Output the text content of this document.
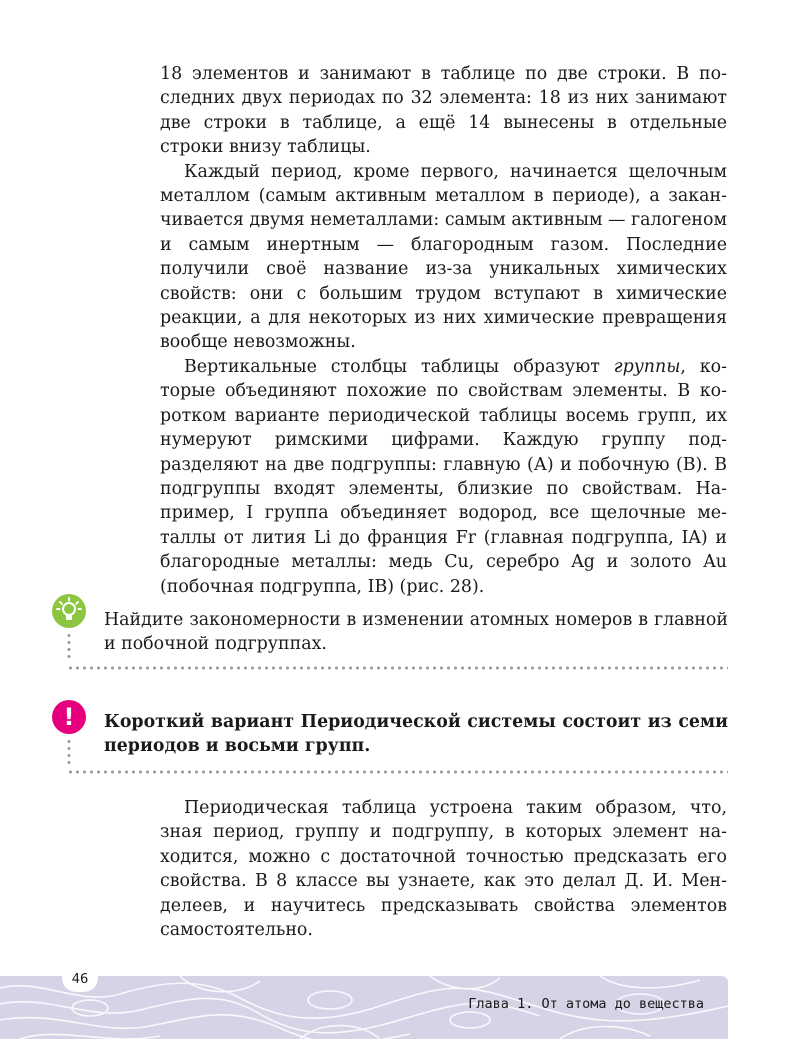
18 элементов и занимают в таблице по две строки. В последних двух периодах по 32 элемента: 18 из них занимают две строки в таблице, а ещё 14 вынесены в отдельные строки внизу таблицы.

Каждый период, кроме первого, начинается щелочным металлом (самым активным металлом в периоде), а заканчивается двумя неметаллами: самым активным — галогеном и самым инертным — благородным газом. Последние получили своё название из-за уникальных химических свойств: они с большим трудом вступают в химические реакции, а для некоторых из них химические превращения вообще невозможны.

Вертикальные столбцы таблицы образуют группы, которые объединяют похожие по свойствам элементы. В коротком варианте периодической таблицы восемь групп, их нумеруют римскими цифрами. Каждую группу подразделяют на две подгруппы: главную (А) и побочную (В). В подгруппы входят элементы, близкие по свойствам. Например, I группа объединяет водород, все щелочные металлы от лития Li до франция Fr (главная подгруппа, IA) и благородные металлы: медь Cu, серебро Ag и золото Au (побочная подгруппа, IB) (рис. 28).

Найдите закономерности в изменении атомных номеров в главной и побочной подгруппах.
!	Короткий вариант Периодической системы состоит из семи периодов и восьми групп.

Периодическая таблица устроена таким образом, что, зная период, группу и подгруппу, в которых элемент находится, можно с достаточной точностью предсказать его свойства. В 8 классе вы узнаете, как это делал Д. И. Менделеев, и научитесь предсказывать свойства элементов самостоятельно.

Глава 1. От атома до вещества
46
